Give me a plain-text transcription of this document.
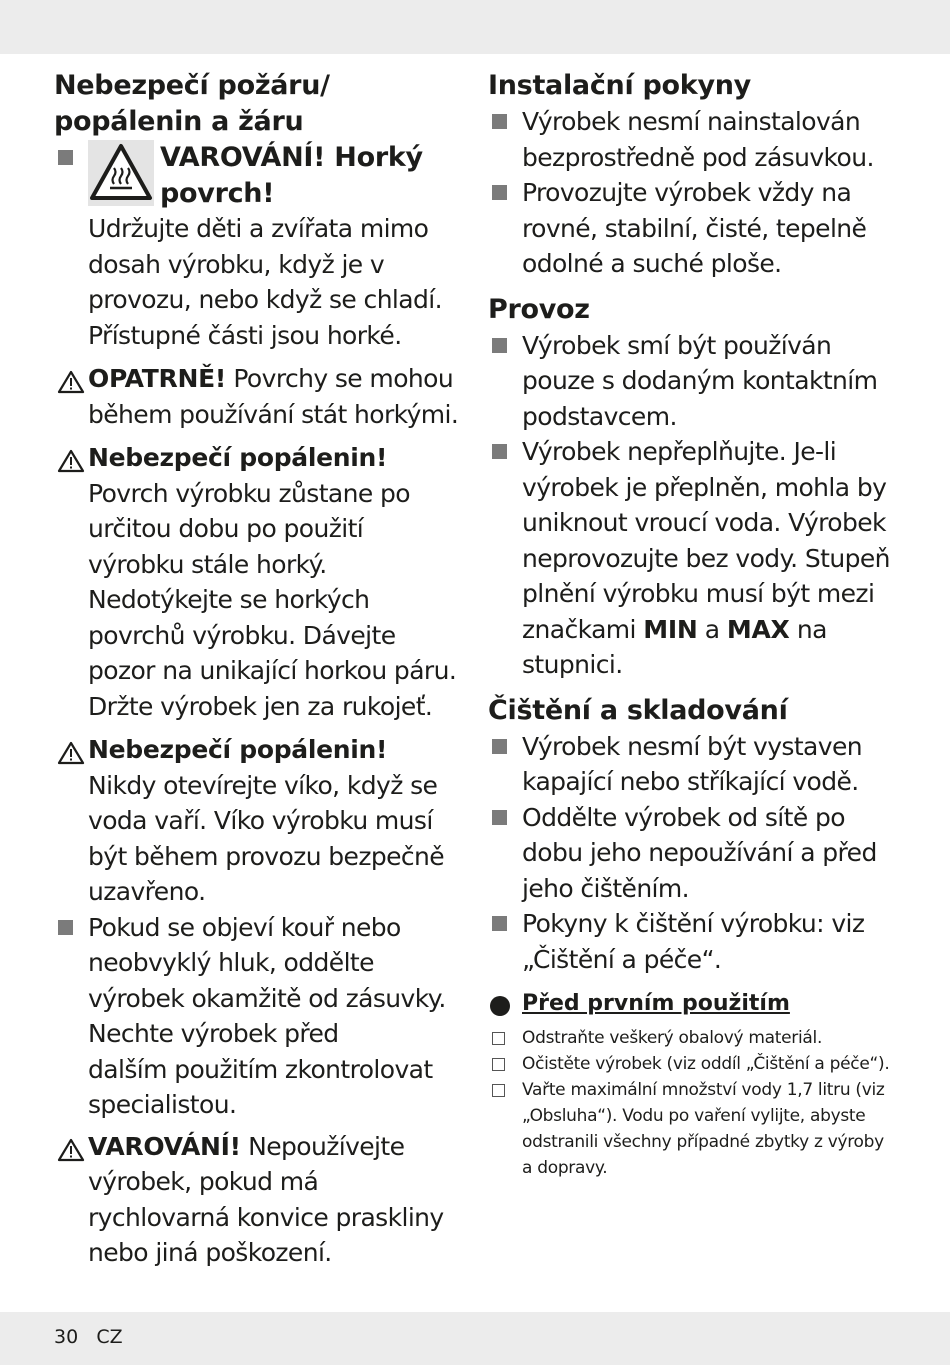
Nebezpečí požáru/
popálenin a žáru
VAROVÁNÍ! Horký
povrch!
Udržujte děti a zvířata mimo dosah výrobku, když je v provozu, nebo když se chladí. Přístupné části jsou horké.
OPATRNĚ! Povrchy se mohou během používání stát horkými.
Nebezpečí popálenin!
Povrch výrobku zůstane po určitou dobu po použití výrobku stále horký.
Nedotýkejte se horkých povrchů výrobku. Dávejte pozor na unikající horkou páru. Držte výrobek jen za rukojeť.
Nebezpečí popálenin!
Nikdy otevírejte víko, když se voda vaří. Víko výrobku musí být během provozu bezpečně uzavřeno.
Pokud se objeví kouř nebo neobvyklý hluk, oddělte výrobek okamžitě od zásuvky.
Nechte výrobek před
dalším použitím zkontrolovat specialistou.
VAROVÁNÍ! Nepoužívejte výrobek, pokud má rychlovarná konvice praskliny nebo jiná poškození.
Instalační pokyny
Výrobek nesmí nainstalován bezprostředně pod zásuvkou.
Provozujte výrobek vždy na rovné, stabilní, čisté, tepelně odolné a suché ploše.
Provoz
Výrobek smí být používán pouze s dodaným kontaktním podstavcem.
Výrobek nepřeplňujte. Je-li výrobek je přeplněn, mohla by uniknout vroucí voda. Výrobek neprovozujte bez vody. Stupeň plnění výrobku musí být mezi značkami MIN a MAX na stupnici.
Čištění a skladování
Výrobek nesmí být vystaven kapající nebo stříkající vodě.
Oddělte výrobek od sítě po dobu jeho nepoužívání a před jeho čištěním.
Pokyny k čištění výrobku: viz „Čištění a péče“.
Před prvním použitím
Odstraňte veškerý obalový materiál.
Očistěte výrobek (viz oddíl „Čištění a péče“).
Vařte maximální množství vody 1,7 litru (viz „Obsluha“). Vodu po vaření vylijte, abyste odstranili všechny případné zbytky z výroby a dopravy.
30 CZ
